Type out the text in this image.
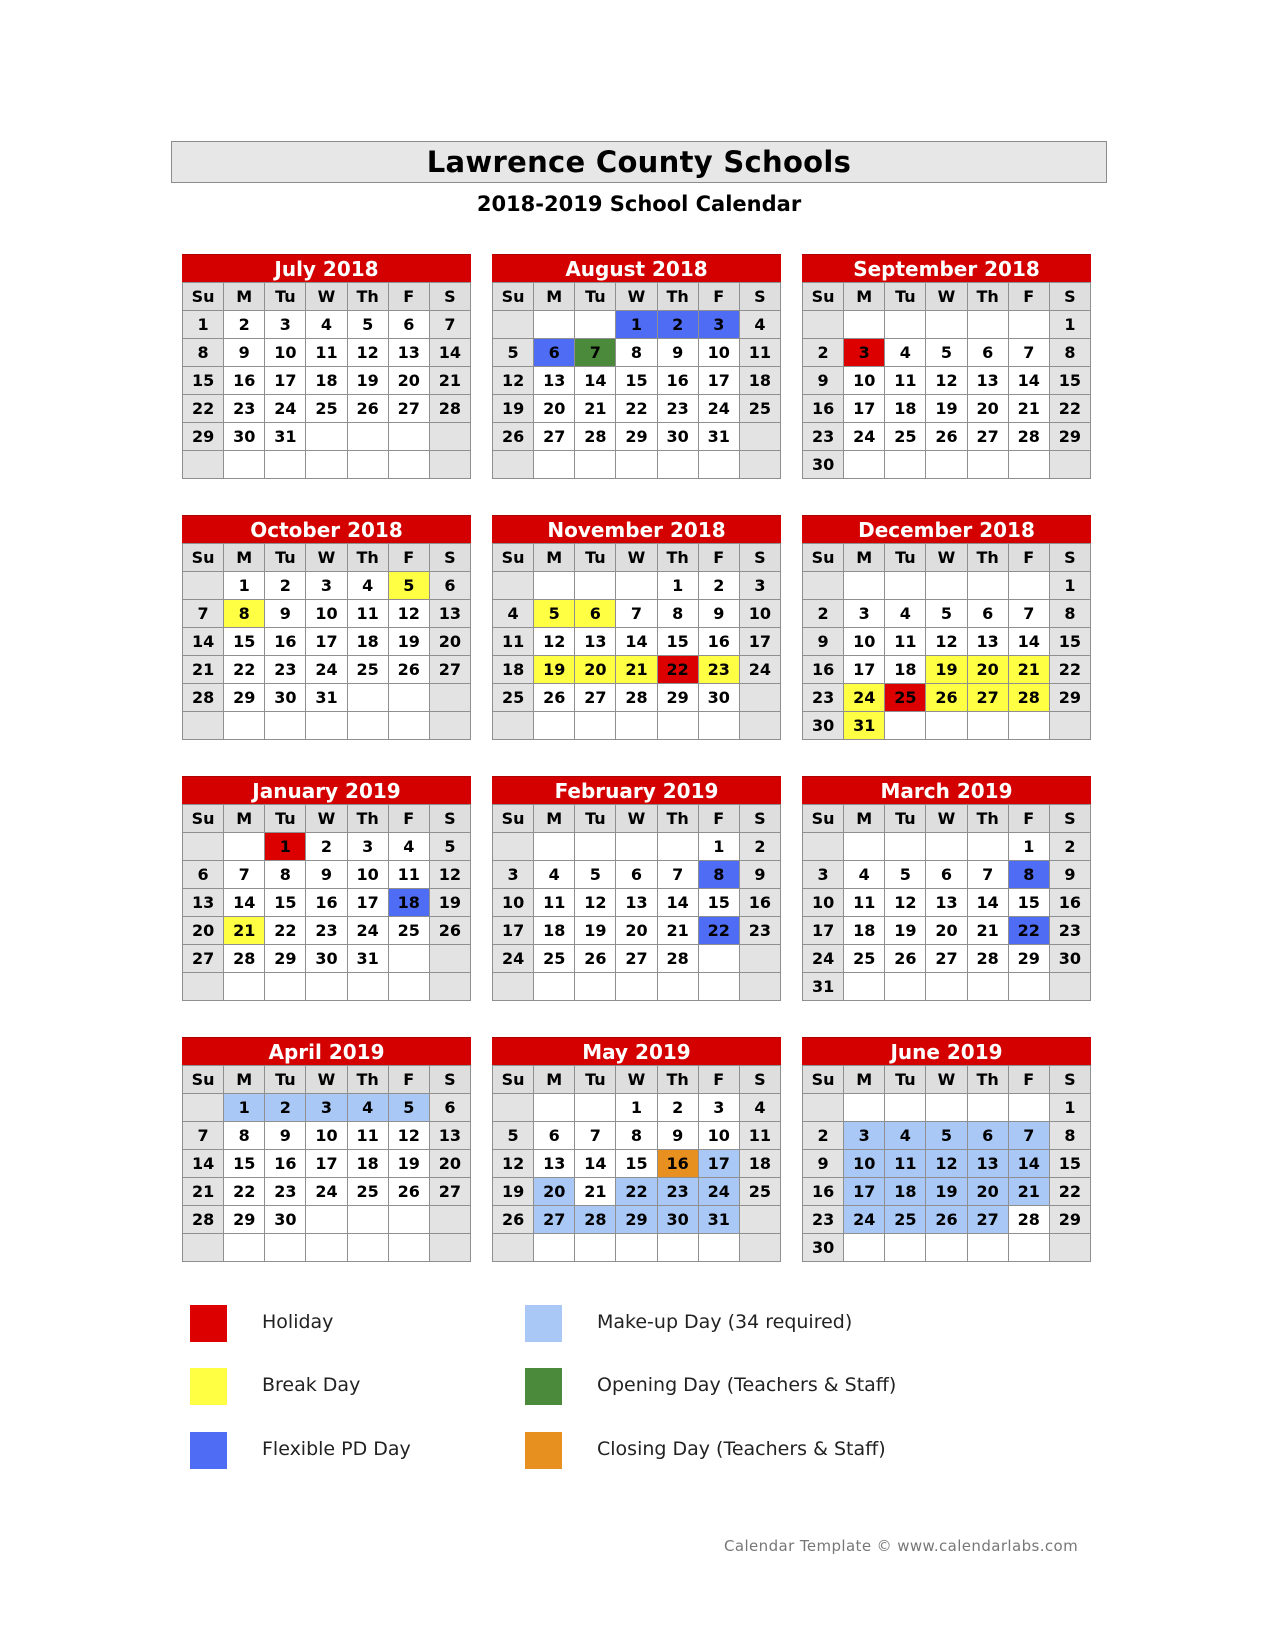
Lawrence County Schools
2018-2019 School Calendar
July 2018
Su	M	Tu	W	Th	F	S
1	2	3	4	5	6	7
8	9	10	11	12	13	14
15	16	17	18	19	20	21
22	23	24	25	26	27	28
29	30	31				

August 2018
Su	M	Tu	W	Th	F	S
			1	2	3	4
5	6	7	8	9	10	11
12	13	14	15	16	17	18
19	20	21	22	23	24	25
26	27	28	29	30	31	

September 2018
Su	M	Tu	W	Th	F	S
						1
2	3	4	5	6	7	8
9	10	11	12	13	14	15
16	17	18	19	20	21	22
23	24	25	26	27	28	29
30						
October 2018
Su	M	Tu	W	Th	F	S
	1	2	3	4	5	6
7	8	9	10	11	12	13
14	15	16	17	18	19	20
21	22	23	24	25	26	27
28	29	30	31			

November 2018
Su	M	Tu	W	Th	F	S
				1	2	3
4	5	6	7	8	9	10
11	12	13	14	15	16	17
18	19	20	21	22	23	24
25	26	27	28	29	30	

December 2018
Su	M	Tu	W	Th	F	S
						1
2	3	4	5	6	7	8
9	10	11	12	13	14	15
16	17	18	19	20	21	22
23	24	25	26	27	28	29
30	31					
January 2019
Su	M	Tu	W	Th	F	S
		1	2	3	4	5
6	7	8	9	10	11	12
13	14	15	16	17	18	19
20	21	22	23	24	25	26
27	28	29	30	31		

February 2019
Su	M	Tu	W	Th	F	S
					1	2
3	4	5	6	7	8	9
10	11	12	13	14	15	16
17	18	19	20	21	22	23
24	25	26	27	28		

March 2019
Su	M	Tu	W	Th	F	S
					1	2
3	4	5	6	7	8	9
10	11	12	13	14	15	16
17	18	19	20	21	22	23
24	25	26	27	28	29	30
31						
April 2019
Su	M	Tu	W	Th	F	S
	1	2	3	4	5	6
7	8	9	10	11	12	13
14	15	16	17	18	19	20
21	22	23	24	25	26	27
28	29	30				

May 2019
Su	M	Tu	W	Th	F	S
			1	2	3	4
5	6	7	8	9	10	11
12	13	14	15	16	17	18
19	20	21	22	23	24	25
26	27	28	29	30	31	

June 2019
Su	M	Tu	W	Th	F	S
						1
2	3	4	5	6	7	8
9	10	11	12	13	14	15
16	17	18	19	20	21	22
23	24	25	26	27	28	29
30						
Holiday
Break Day
Flexible PD Day
Make-up Day (34 required)
Opening Day (Teachers & Staff)
Closing Day (Teachers & Staff)
Calendar Template © www.calendarlabs.com
